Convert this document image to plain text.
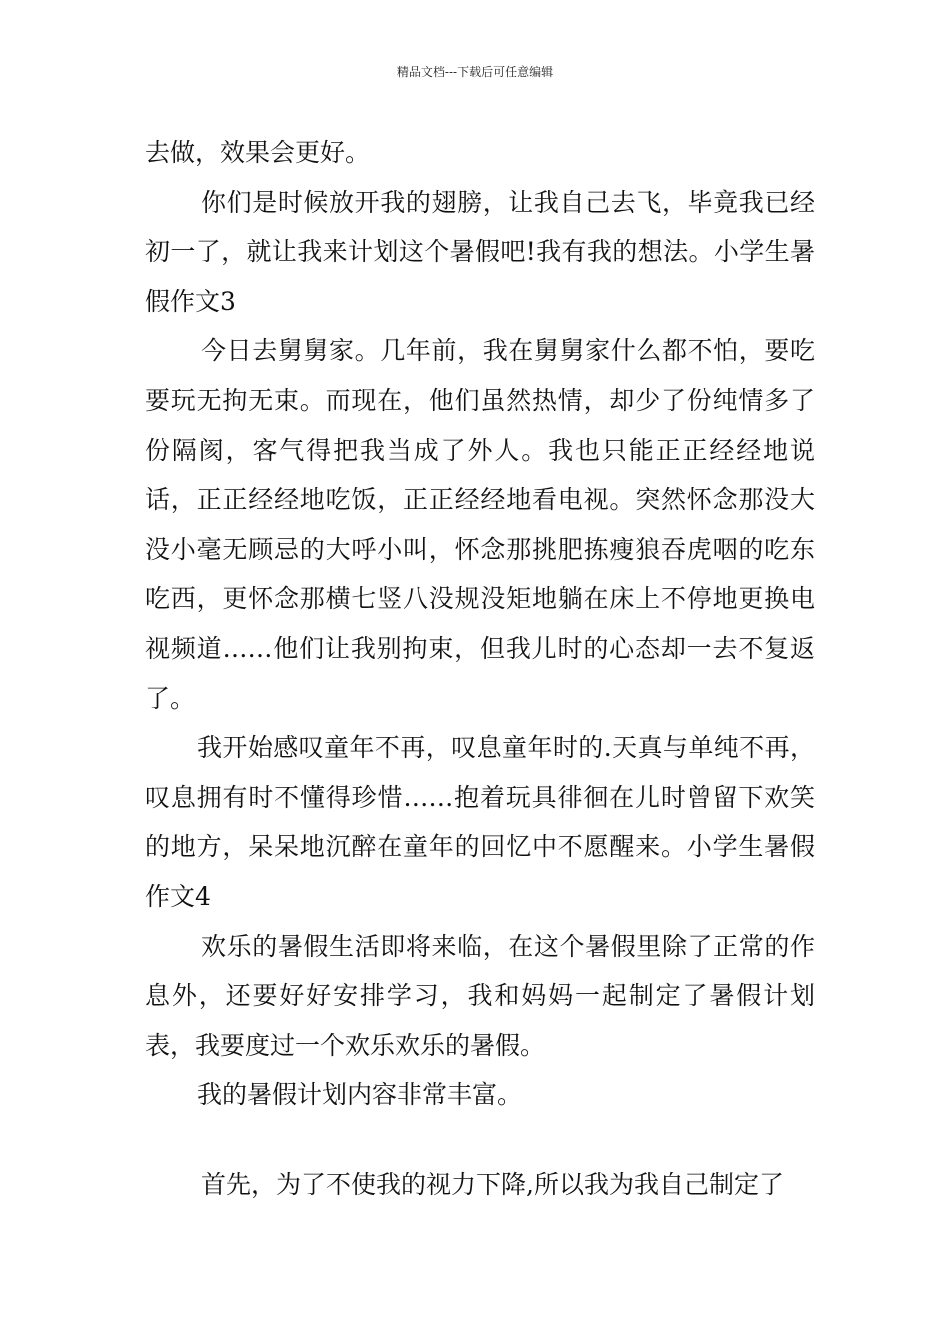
精品文档---下载后可任意编辑

去做，效果会更好。

你们是时候放开我的翅膀，让我自己去飞，毕竟我已经初一了，就让我来计划这个暑假吧!我有我的想法。小学生暑假作文3

今日去舅舅家。几年前，我在舅舅家什么都不怕，要吃要玩无拘无束。而现在，他们虽然热情，却少了份纯情多了份隔阂，客气得把我当成了外人。我也只能正正经经地说话，正正经经地吃饭，正正经经地看电视。突然怀念那没大没小毫无顾忌的大呼小叫，怀念那挑肥拣瘦狼吞虎咽的吃东吃西，更怀念那横七竖八没规没矩地躺在床上不停地更换电视频道……他们让我别拘束，但我儿时的心态却一去不复返了。

我开始感叹童年不再，叹息童年时的.天真与单纯不再，叹息拥有时不懂得珍惜……抱着玩具徘徊在儿时曾留下欢笑的地方，呆呆地沉醉在童年的回忆中不愿醒来。小学生暑假作文4

欢乐的暑假生活即将来临，在这个暑假里除了正常的作息外，还要好好安排学习，我和妈妈一起制定了暑假计划表，我要度过一个欢乐欢乐的暑假。

我的暑假计划内容非常丰富。

首先，为了不使我的视力下降,所以我为我自己制定了
